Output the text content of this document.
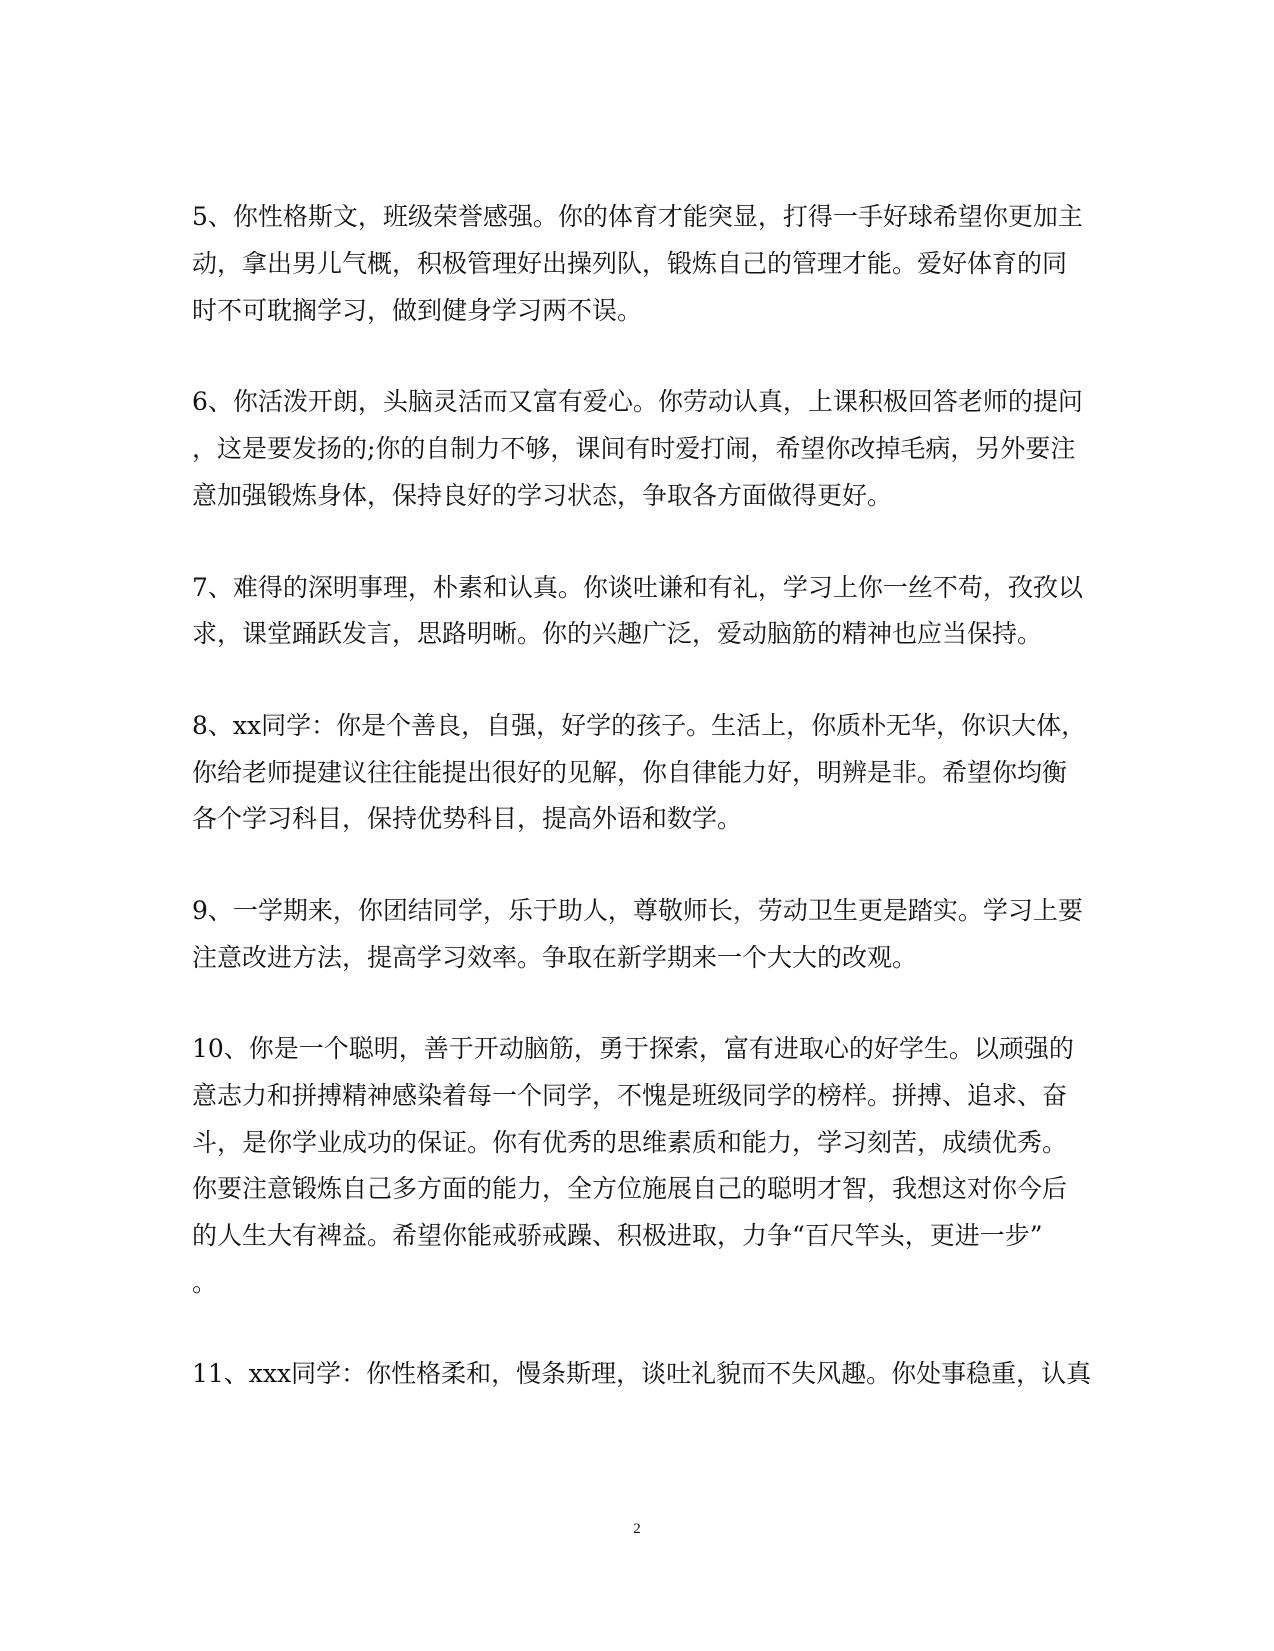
5、你性格斯文，班级荣誉感强。你的体育才能突显，打得一手好球希望你更加主
动，拿出男儿气概，积极管理好出操列队，锻炼自己的管理才能。爱好体育的同
时不可耽搁学习，做到健身学习两不误。
6、你活泼开朗，头脑灵活而又富有爱心。你劳动认真，上课积极回答老师的提问
，这是要发扬的;你的自制力不够，课间有时爱打闹，希望你改掉毛病，另外要注
意加强锻炼身体，保持良好的学习状态，争取各方面做得更好。
7、难得的深明事理，朴素和认真。你谈吐谦和有礼，学习上你一丝不苟，孜孜以
求，课堂踊跃发言，思路明晰。你的兴趣广泛，爱动脑筋的精神也应当保持。
8、xx同学：你是个善良，自强，好学的孩子。生活上，你质朴无华，你识大体，
你给老师提建议往往能提出很好的见解，你自律能力好，明辨是非。希望你均衡
各个学习科目，保持优势科目，提高外语和数学。
9、一学期来，你团结同学，乐于助人，尊敬师长，劳动卫生更是踏实。学习上要
注意改进方法，提高学习效率。争取在新学期来一个大大的改观。
10、你是一个聪明，善于开动脑筋，勇于探索，富有进取心的好学生。以顽强的
意志力和拼搏精神感染着每一个同学，不愧是班级同学的榜样。拼搏、追求、奋
斗，是你学业成功的保证。你有优秀的思维素质和能力，学习刻苦，成绩优秀。
你要注意锻炼自己多方面的能力，全方位施展自己的聪明才智，我想这对你今后
的人生大有裨益。希望你能戒骄戒躁、积极进取，力争“百尺竿头，更进一步”
。
11、xxx同学：你性格柔和，慢条斯理，谈吐礼貌而不失风趣。你处事稳重，认真
2
